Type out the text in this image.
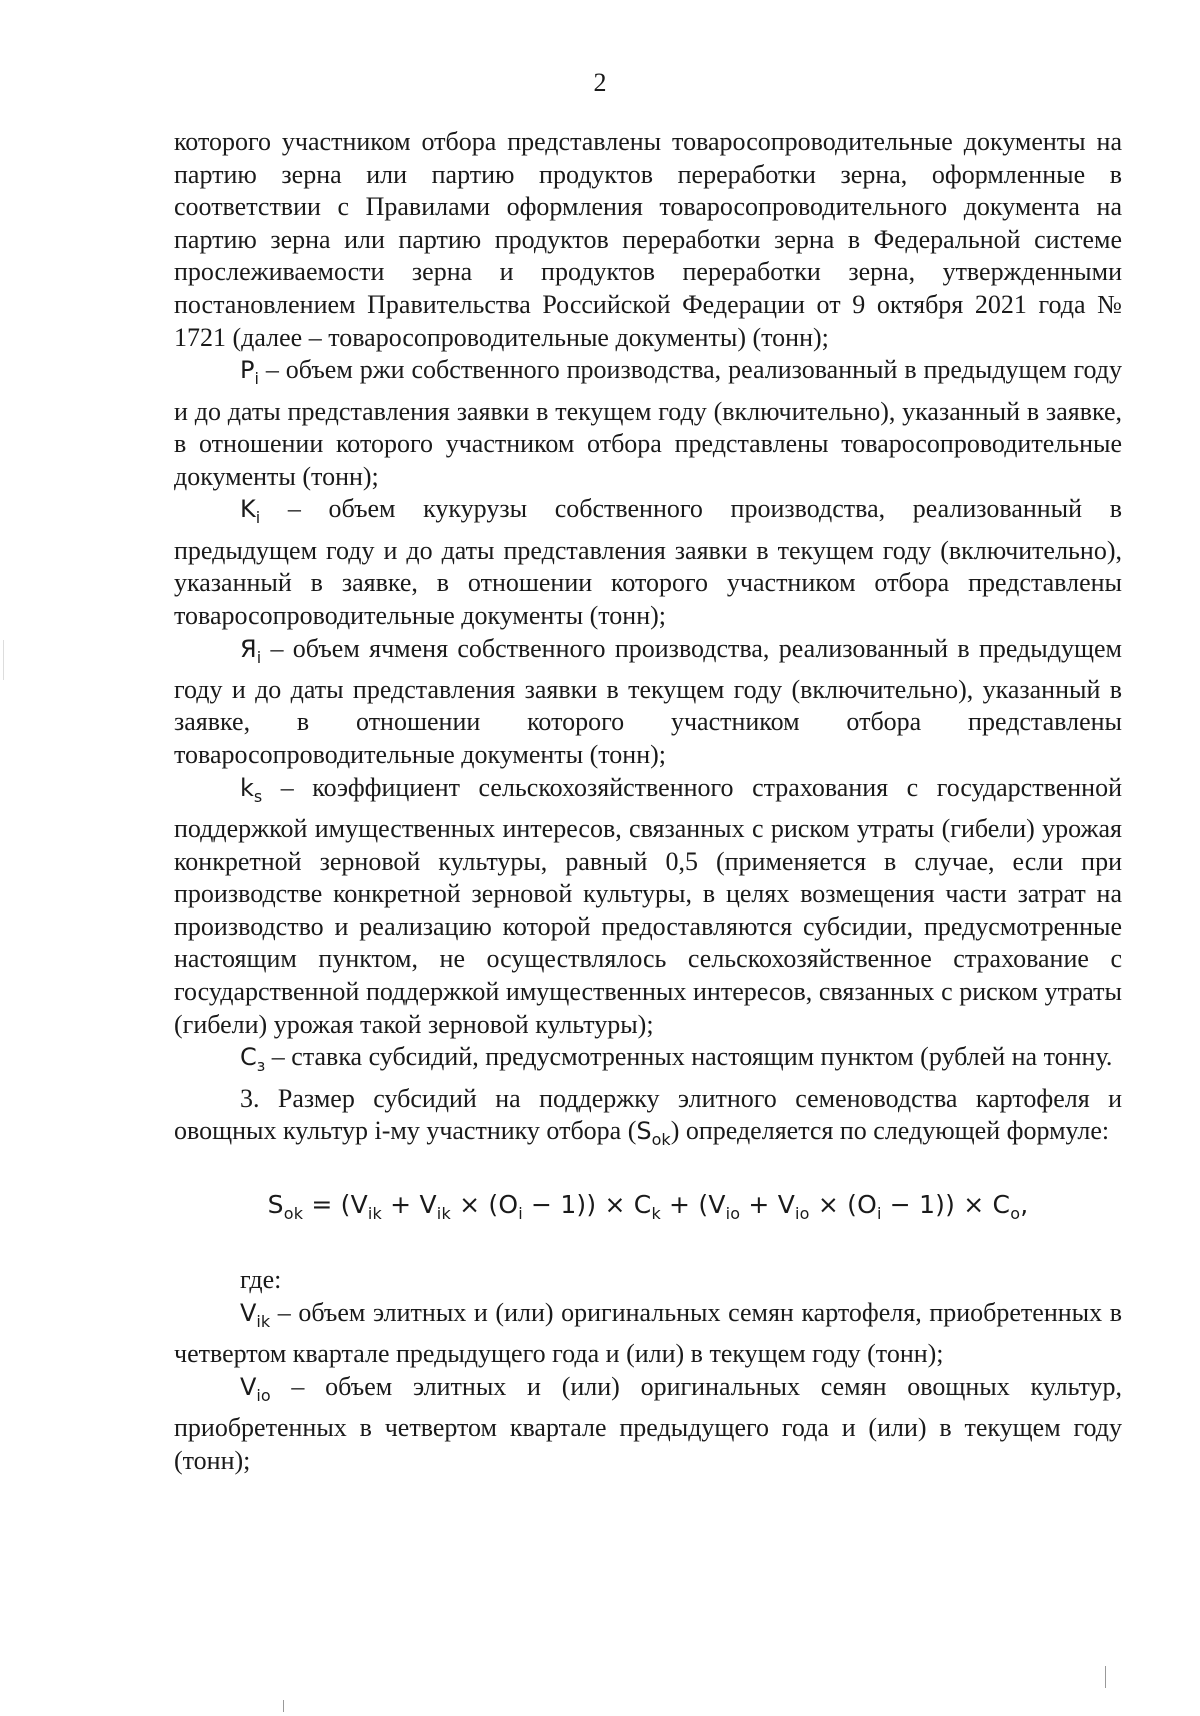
2

которого участником отбора представлены товаросопроводительные документы на партию зерна или партию продуктов переработки зерна, оформленные в соответствии с Правилами оформления товаросопроводительного документа на партию зерна или партию продуктов переработки зерна в Федеральной системе прослеживаемости зерна и продуктов переработки зерна, утвержденными постановлением Правительства Российской Федерации от 9 октября 2021 года № 1721 (далее – товаросопроводительные документы) (тонн);

$P_i$ – объем ржи собственного производства, реализованный в предыдущем году и до даты представления заявки в текущем году (включительно), указанный в заявке, в отношении которого участником отбора представлены товаросопроводительные документы (тонн);

$K_i$ – объем кукурузы собственного производства, реализованный в предыдущем году и до даты представления заявки в текущем году (включительно), указанный в заявке, в отношении которого участником отбора представлены товаросопроводительные документы (тонн);

$Я_i$ – объем ячменя собственного производства, реализованный в предыдущем году и до даты представления заявки в текущем году (включительно), указанный в заявке, в отношении которого участником отбора представлены товаросопроводительные документы (тонн);

$k_s$ – коэффициент сельскохозяйственного страхования с государственной поддержкой имущественных интересов, связанных с риском утраты (гибели) урожая конкретной зерновой культуры, равный 0,5 (применяется в случае, если при производстве конкретной зерновой культуры, в целях возмещения части затрат на производство и реализацию которой предоставляются субсидии, предусмотренные настоящим пунктом, не осуществлялось сельскохозяйственное страхование с государственной поддержкой имущественных интересов, связанных с риском утраты (гибели) урожая такой зерновой культуры);

$C_з$ – ставка субсидий, предусмотренных настоящим пунктом (рублей на тонну.

3. Размер субсидий на поддержку элитного семеноводства картофеля и овощных культур i-му участнику отбора $(S_{ok})$ определяется по следующей формуле:

$S_{ok} = (V_{ik} + V_{ik} \times (O_i - 1)) \times C_k + (V_{io} + V_{io} \times (O_i - 1)) \times C_o$,

где:

$V_{ik}$ – объем элитных и (или) оригинальных семян картофеля, приобретенных в четвертом квартале предыдущего года и (или) в текущем году (тонн);

$V_{io}$ – объем элитных и (или) оригинальных семян овощных культур, приобретенных в четвертом квартале предыдущего года и (или) в текущем году (тонн);
